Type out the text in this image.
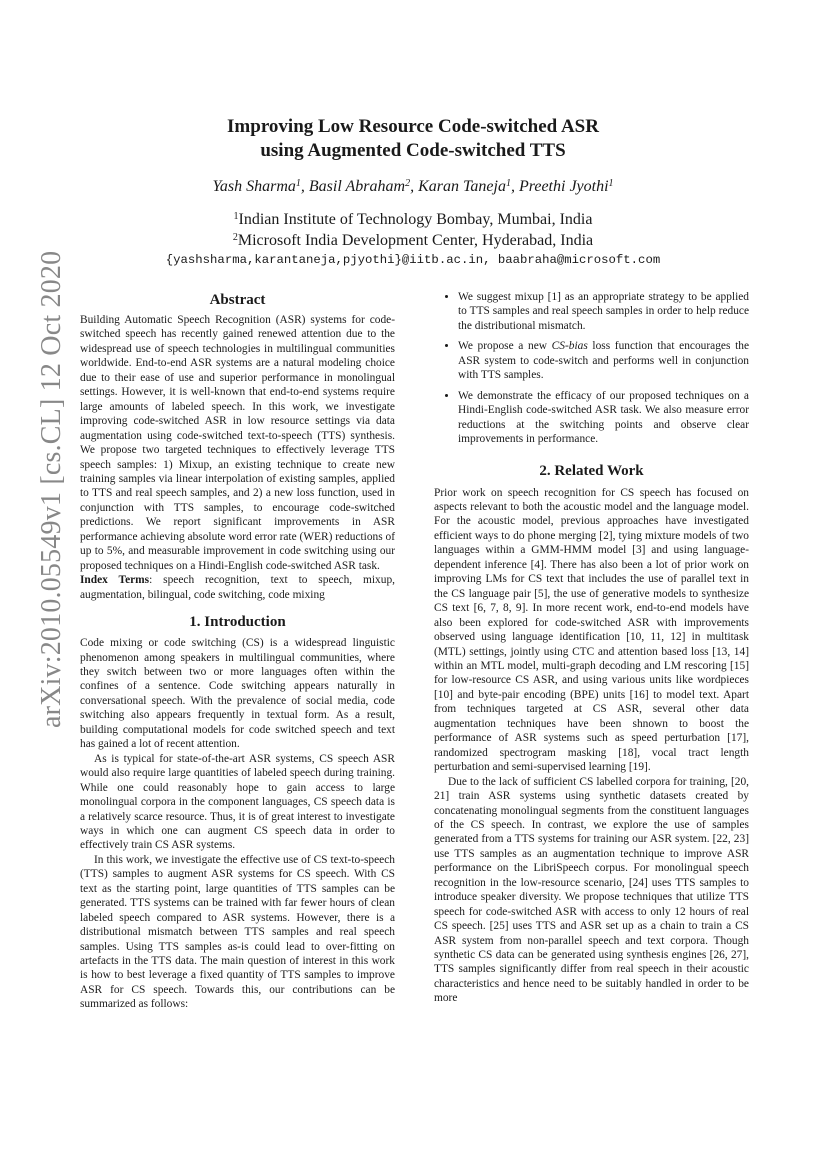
arXiv:2010.05549v1 [cs.CL] 12 Oct 2020
Improving Low Resource Code-switched ASR
using Augmented Code-switched TTS
Yash Sharma$^1$, Basil Abraham$^2$, Karan Taneja$^1$, Preethi Jyothi$^1$
$^1$Indian Institute of Technology Bombay, Mumbai, India
$^2$Microsoft India Development Center, Hyderabad, India
{yashsharma,karantaneja,pjyothi}@iitb.ac.in, baabraha@microsoft.com
Abstract

Building Automatic Speech Recognition (ASR) systems for code-switched speech has recently gained renewed attention due to the widespread use of speech technologies in multilingual communities worldwide. End-to-end ASR systems are a natural modeling choice due to their ease of use and superior performance in monolingual settings. However, it is well-known that end-to-end systems require large amounts of labeled speech. In this work, we investigate improving code-switched ASR in low resource settings via data augmentation using code-switched text-to-speech (TTS) synthesis. We propose two targeted techniques to effectively leverage TTS speech samples: 1) Mixup, an existing technique to create new training samples via linear interpolation of existing samples, applied to TTS and real speech samples, and 2) a new loss function, used in conjunction with TTS samples, to encourage code-switched predictions. We report significant improvements in ASR performance achieving absolute word error rate (WER) reductions of up to 5%, and measurable improvement in code switching using our proposed techniques on a Hindi-English code-switched ASR task.

Index Terms: speech recognition, text to speech, mixup, augmentation, bilingual, code switching, code mixing

1. Introduction

Code mixing or code switching (CS) is a widespread linguistic phenomenon among speakers in multilingual communities, where they switch between two or more languages often within the confines of a sentence. Code switching appears naturally in conversational speech. With the prevalence of social media, code switching also appears frequently in textual form. As a result, building computational models for code switched speech and text has gained a lot of recent attention.

As is typical for state-of-the-art ASR systems, CS speech ASR would also require large quantities of labeled speech during training. While one could reasonably hope to gain access to large monolingual corpora in the component languages, CS speech data is a relatively scarce resource. Thus, it is of great interest to investigate ways in which one can augment CS speech data in order to effectively train CS ASR systems.

In this work, we investigate the effective use of CS text-to-speech (TTS) samples to augment ASR systems for CS speech. With CS text as the starting point, large quantities of TTS samples can be generated. TTS systems can be trained with far fewer hours of clean labeled speech compared to ASR systems. However, there is a distributional mismatch between TTS samples and real speech samples. Using TTS samples as-is could lead to over-fitting on artefacts in the TTS data. The main question of interest in this work is how to best leverage a fixed quantity of TTS samples to improve ASR for CS speech. Towards this, our contributions can be summarized as follows:

• We suggest mixup [1] as an appropriate strategy to be applied to TTS samples and real speech samples in order to help reduce the distributional mismatch.
• We propose a new CS-bias loss function that encourages the ASR system to code-switch and performs well in conjunction with TTS samples.
• We demonstrate the efficacy of our proposed techniques on a Hindi-English code-switched ASR task. We also measure error reductions at the switching points and observe clear improvements in performance.
2. Related Work

Prior work on speech recognition for CS speech has focused on aspects relevant to both the acoustic model and the language model. For the acoustic model, previous approaches have investigated efficient ways to do phone merging [2], tying mixture models of two languages within a GMM-HMM model [3] and using language-dependent inference [4]. There has also been a lot of prior work on improving LMs for CS text that includes the use of parallel text in the CS language pair [5], the use of generative models to synthesize CS text [6, 7, 8, 9]. In more recent work, end-to-end models have also been explored for code-switched ASR with improvements observed using language identification [10, 11, 12] in multitask (MTL) settings, jointly using CTC and attention based loss [13, 14] within an MTL model, multi-graph decoding and LM rescoring [15] for low-resource CS ASR, and using various units like wordpieces [10] and byte-pair encoding (BPE) units [16] to model text. Apart from techniques targeted at CS ASR, several other data augmentation techniques have been shnown to boost the performance of ASR systems such as speed perturbation [17], randomized spectrogram masking [18], vocal tract length perturbation and semi-supervised learning [19].

Due to the lack of sufficient CS labelled corpora for training, [20, 21] train ASR systems using synthetic datasets created by concatenating monolingual segments from the constituent languages of the CS speech. In contrast, we explore the use of samples generated from a TTS systems for training our ASR system. [22, 23] use TTS samples as an augmentation technique to improve ASR performance on the LibriSpeech corpus. For monolingual speech recognition in the low-resource scenario, [24] uses TTS samples to introduce speaker diversity. We propose techniques that utilize TTS speech for code-switched ASR with access to only 12 hours of real CS speech. [25] uses TTS and ASR set up as a chain to train a CS ASR system from non-parallel speech and text corpora. Though synthetic CS data can be generated using synthesis engines [26, 27], TTS samples significantly differ from real speech in their acoustic characteristics and hence need to be suitably handled in order to be more
